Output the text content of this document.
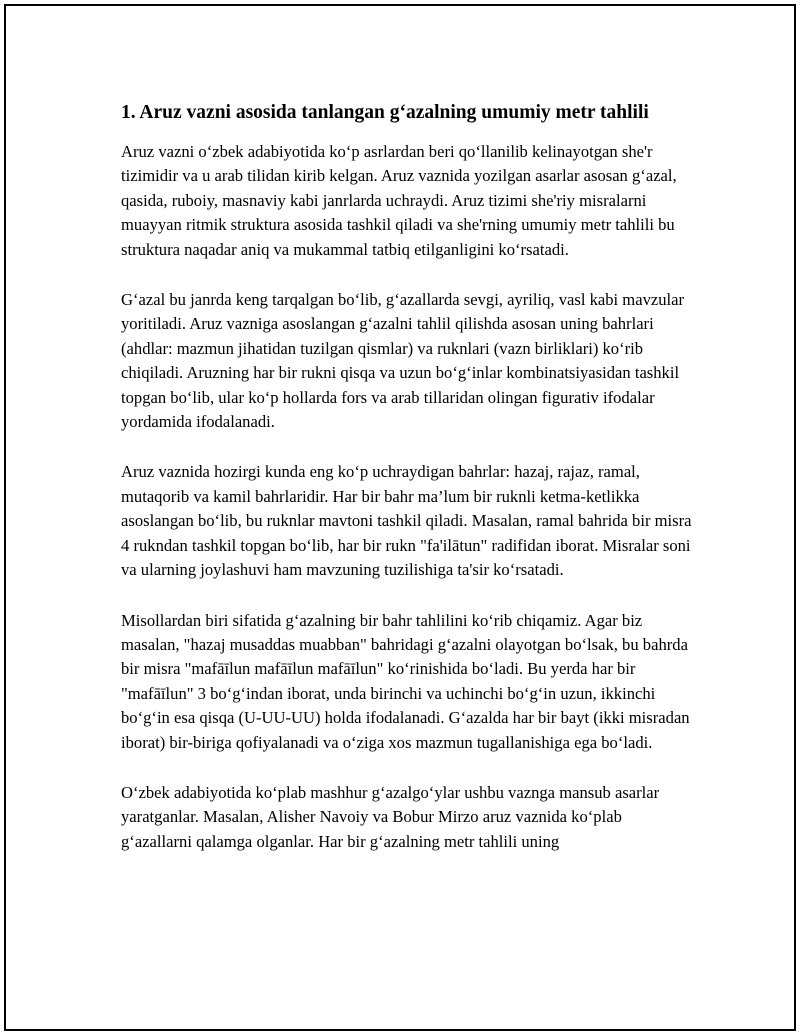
1. Aruz vazni asosida tanlangan g‘azalning umumiy metr tahlili

Aruz vazni o‘zbek adabiyotida ko‘p asrlardan beri qo‘llanilib kelinayotgan she'r tizimidir va u arab tilidan kirib kelgan. Aruz vaznida yozilgan asarlar asosan g‘azal, qasida, ruboiy, masnaviy kabi janrlarda uchraydi. Aruz tizimi she'riy misralarni muayyan ritmik struktura asosida tashkil qiladi va she'rning umumiy metr tahlili bu struktura naqadar aniq va mukammal tatbiq etilganligini ko‘rsatadi.

G‘azal bu janrda keng tarqalgan bo‘lib, g‘azallarda sevgi, ayriliq, vasl kabi mavzular yoritiladi. Aruz vazniga asoslangan g‘azalni tahlil qilishda asosan uning bahrlari (ahdlar: mazmun jihatidan tuzilgan qismlar) va ruknlari (vazn birliklari) ko‘rib chiqiladi. Aruzning har bir rukni qisqa va uzun bo‘g‘inlar kombinatsiyasidan tashkil topgan bo‘lib, ular ko‘p hollarda fors va arab tillaridan olingan figurativ ifodalar yordamida ifodalanadi.

Aruz vaznida hozirgi kunda eng ko‘p uchraydigan bahrlar: hazaj, rajaz, ramal, mutaqorib va kamil bahrlaridir. Har bir bahr ma’lum bir ruknli ketma-ketlikka asoslangan bo‘lib, bu ruknlar mavtoni tashkil qiladi. Masalan, ramal bahrida bir misra 4 rukndan tashkil topgan bo‘lib, har bir rukn "fa'ilātun" radifidan iborat. Misralar soni va ularning joylashuvi ham mavzuning tuzilishiga ta'sir ko‘rsatadi.

Misollardan biri sifatida g‘azalning bir bahr tahlilini ko‘rib chiqamiz. Agar biz masalan, "hazaj musaddas muabban" bahridagi g‘azalni olayotgan bo‘lsak, bu bahrda bir misra "mafāīlun mafāīlun mafāīlun" ko‘rinishida bo‘ladi. Bu yerda har bir "mafāīlun" 3 bo‘g‘indan iborat, unda birinchi va uchinchi bo‘g‘in uzun, ikkinchi bo‘g‘in esa qisqa (U-UU-UU) holda ifodalanadi. G‘azalda har bir bayt (ikki misradan iborat) bir-biriga qofiyalanadi va o‘ziga xos mazmun tugallanishiga ega bo‘ladi.

O‘zbek adabiyotida ko‘plab mashhur g‘azalgo‘ylar ushbu vaznga mansub asarlar yaratganlar. Masalan, Alisher Navoiy va Bobur Mirzo aruz vaznida ko‘plab g‘azallarni qalamga olganlar. Har bir g‘azalning metr tahlili uning
